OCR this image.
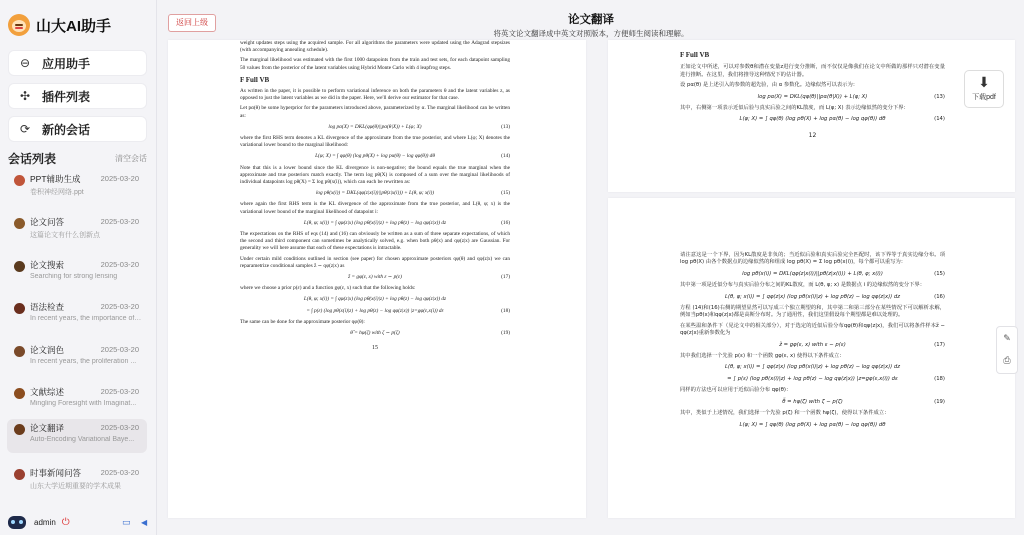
山大AI助手
⊖ 应用助手
✣ 插件列表
⟳ 新的会话
会话列表	清空会话
PPT辅助生成	2025-03-20
卷积神经网络.ppt
论文问答	2025-03-20
这篇论文有什么创新点
论文搜索	2025-03-20
Searching for strong lensing
语法检查	2025-03-20
In recent years, the importance of ...
论文润色	2025-03-20
In recent years, the proliferation ...
文献综述	2025-03-20
Mingling Foresight with Imaginat...
论文翻译	2025-03-20
Auto-Encoding Variational Baye...
时事新闻问答	2025-03-20
山东大学近期重要的学术成果
admin ⏻	▭ ◀
返回上级	论文翻译
将英文论文翻译成中英文对照版本，方便师生阅读和理解。

weight updates steps using the acquired sample. For all algorithms the parameters were updated using the Adagrad stepsizes (with accompanying annealing schedule).

The marginal likelihood was estimated with the first 1000 datapoints from the train and test sets, for each datapoint sampling 50 values from the posterior of the latent variables using Hybrid Monte Carlo with 4 leapfrog steps.

F Full VB

As written in the paper, it is possible to perform variational inference on both the parameters θ and the latent variables z, as opposed to just the latent variables as we did in the paper. Here, we'll derive our estimator for that case.

Let pα(θ) be some hyperprior for the parameters introduced above, parameterized by α. The marginal likelihood can be written as:

log pα(X) = DKL(qφ(θ)||pα(θ|X)) + L(φ; X)	(13)

where the first RHS term denotes a KL divergence of the approximate from the true posterior, and where L(φ; X) denotes the variational lower bound to the marginal likelihood:

L(φ; X) = ∫ qφ(θ) (log pθ(X) + log pα(θ) − log qφ(θ)) dθ	(14)

Note that this is a lower bound since the KL divergence is non-negative; the bound equals the true marginal when the approximate and true posteriors match exactly. The term log pθ(X) is composed of a sum over the marginal likelihoods of individual datapoints log pθ(X) = Σ log pθ(x(i)), which can each be rewritten as:

log pθ(x(i)) = DKL(qφ(z|x(i))||pθ(z|x(i))) + L(θ, φ; x(i))	(15)

where again the first RHS term is the KL divergence of the approximate from the true posterior, and L(θ, φ; x) is the variational lower bound of the marginal likelihood of datapoint i:

L(θ, φ; x(i)) = ∫ qφ(z|x) (log pθ(x(i)|z) + log pθ(z) − log qφ(z|x)) dz	(16)

The expectations on the RHS of eqs (14) and (16) can obviously be written as a sum of three separate expectations, of which the second and third component can sometimes be analytically solved, e.g. when both pθ(x) and qφ(z|x) are Gaussian. For generality we will here assume that each of these expectations is intractable.

Under certain mild conditions outlined in section (see paper) for chosen approximate posteriors qφ(θ) and qφ(z|x) we can reparametrize conditional samples z̃ ∼ qφ(z|x) as

z̃ = gφ(ε, x) with ε ∼ p(ε)	(17)

where we choose a prior p(ε) and a function gφ(ε, x) such that the following holds:

L(θ, φ; x(i)) = ∫ qφ(z|x) (log pθ(x(i)|z) + log pθ(z) − log qφ(z|x)) dz
= ∫ p(ε) (log pθ(x(i)|z) + log pθ(z) − log qφ(z|x)) |z=gφ(ε,x(i)) dε	(18)

The same can be done for the approximate posterior qφ(θ):

θ̃ = hφ(ζ) with ζ ∼ p(ζ)	(19)
15
F Full VB

正如论文中所述，可以对参数θ和潜在变量z进行变分推断，而不仅仅是像我们在论文中所做的那样只对潜在变量进行推断。在这里，我们将推导这种情况下的估计器。

设 pα(θ) 是上述引入的参数的超先验，由 α 参数化。边缘似然可以表示为：

log pα(X) = DKL(qφ(θ)||pα(θ|X)) + L(φ; X)	(13)

其中，右侧第一项表示近似后验与真实后验之间的KL散度，而 L(φ; X) 表示边缘似然的变分下界：

L(φ; X) = ∫ qφ(θ) (log pθ(X) + log pα(θ) − log qφ(θ)) dθ	(14)
12
⬇
下载pdf

请注意这是一个下界，因为KL散度是非负的；当近似后验和真实后验完全匹配时，该下界等于真实边缘分布。项 log pθ(X) 由各个数据点的边缘似然的和组成 log pθ(X) = Σ log pθ(x(i))，每个都可以重写为：

log pθ(x(i)) = DKL(qφ(z|x(i))||pθ(z|x(i))) + L(θ, φ; x(i))	(15)

其中第一项是近似分布与真实后验分布之间的KL散度，而 L(θ, φ; x) 是数据点 i 的边缘似然的变分下界：

L(θ, φ; x(i)) = ∫ qφ(z|x) (log pθ(x(i)|z) + log pθ(z) − log qφ(z|x)) dz	(16)

方程 (14)和(16)右侧的期望显然可以写成三个独立期望的和，其中第二和第三部分在某些情况下可以解析求解，例如当pθ(x)和qφ(z|x)都是高斯分布时。为了通用性，我们这里假设每个期望都是难以处理的。

在某些温和条件下（见论文中的相关部分），对于选定的近似后验分布qφ(θ)和qφ(z|x)，我们可以将条件样本z̃ ∼ qφ(z|x)重新参数化为

z̃ = gφ(ε, x) with ε ∼ p(ε)	(17)

其中我们选择一个先验 p(ε) 和一个函数 gφ(ε, x) 使得以下条件成立：

L(θ, φ; x(i)) = ∫ qφ(z|x) (log pθ(x(i)|z) + log pθ(z) − log qφ(z|x)) dz
= ∫ p(ε) (log pθ(x(i)|z) + log pθ(z) − log qφ(z|x)) |z=gφ(ε,x(i)) dε	(18)

同样的方法也可以应用于近似后验分布 qφ(θ)：

θ̃ = hφ(ζ) with ζ ∼ p(ζ)	(19)

其中，类似于上述情况，我们选择一个先验 p(ζ) 和一个函数 hφ(ζ)，使得以下条件成立：

L(φ; X) = ∫ qφ(θ) (log pθ(X) + log pα(θ) − log qφ(θ)) dθ
✎
⎙
